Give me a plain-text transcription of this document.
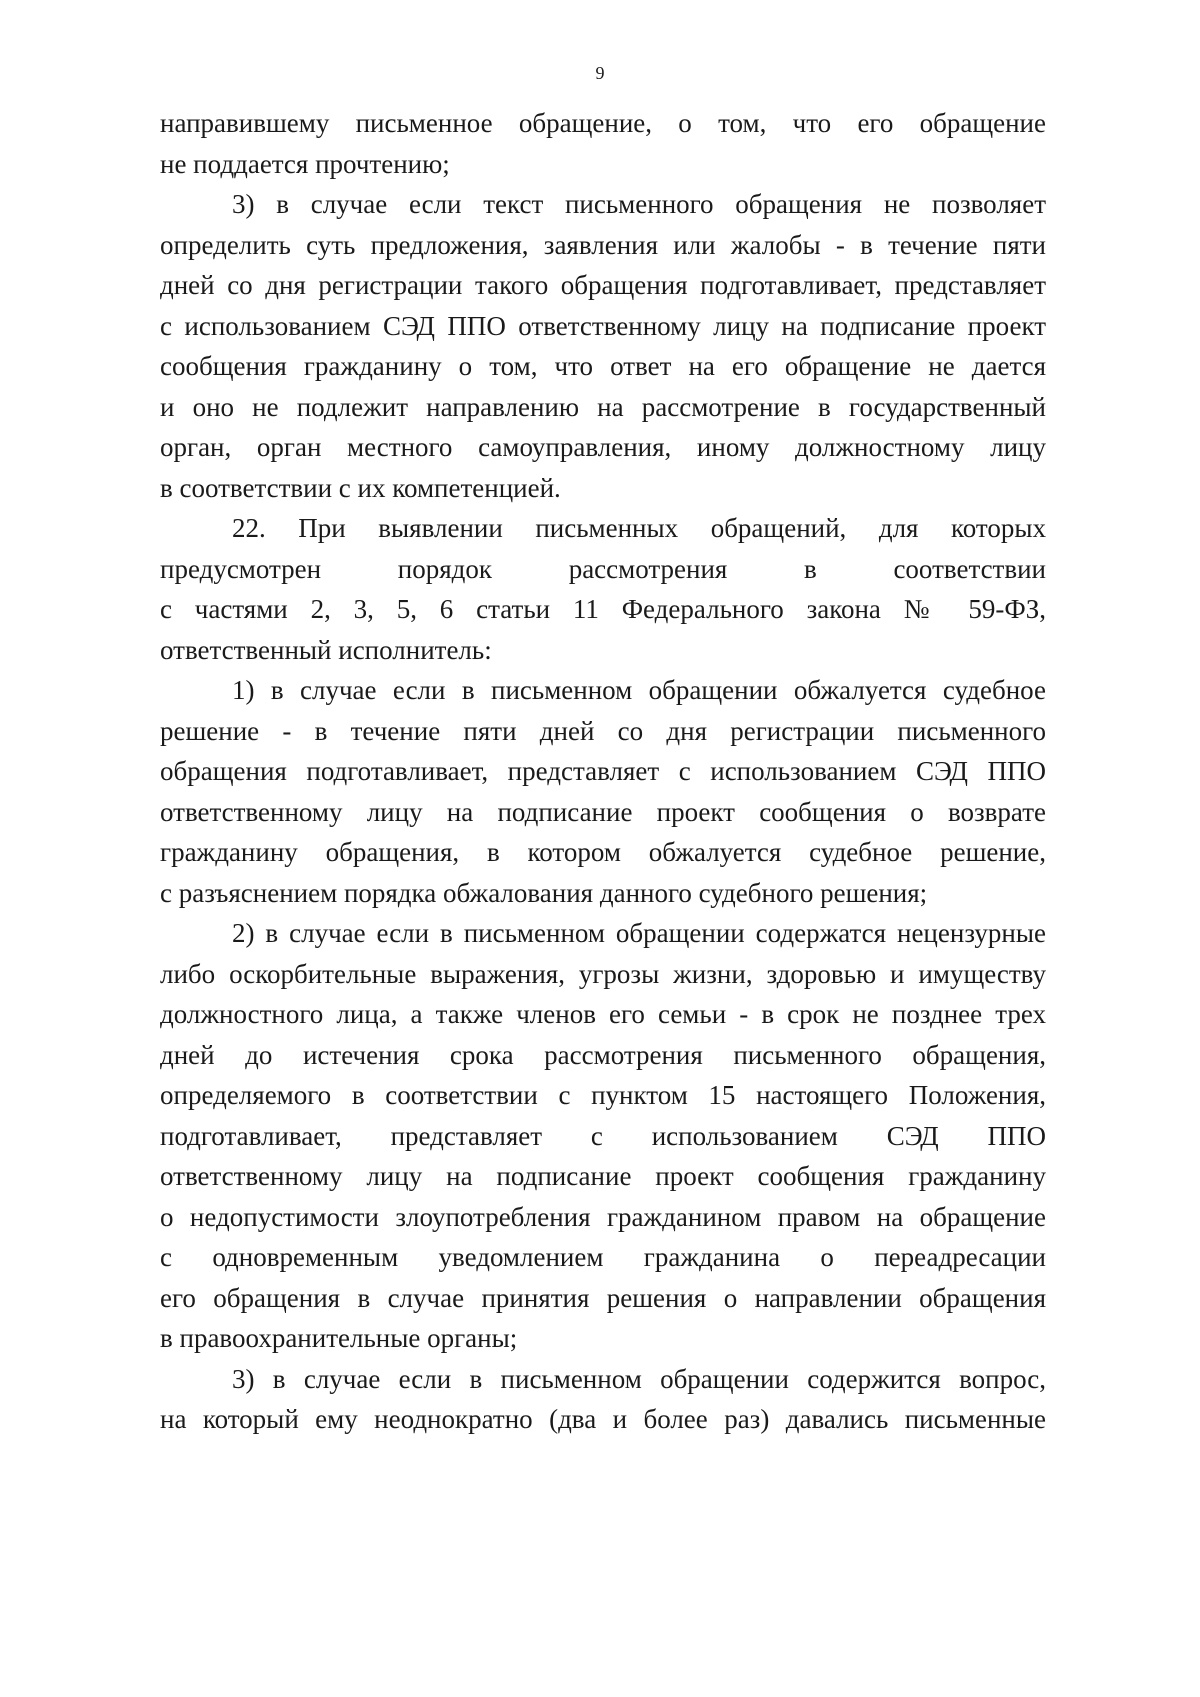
9
направившему письменное обращение, о том, что его обращение
не поддается прочтению;
3) в случае если текст письменного обращения не позволяет
определить суть предложения, заявления или жалобы - в течение пяти
дней со дня регистрации такого обращения подготавливает, представляет
с использованием СЭД ППО ответственному лицу на подписание проект
сообщения гражданину о том, что ответ на его обращение не дается
и оно не подлежит направлению на рассмотрение в государственный
орган, орган местного самоуправления, иному должностному лицу
в соответствии с их компетенцией.
22. При выявлении письменных обращений, для которых
предусмотрен порядок рассмотрения в соответствии
с частями 2, 3, 5, 6 статьи 11 Федерального закона № 59-ФЗ,
ответственный исполнитель:
1) в случае если в письменном обращении обжалуется судебное
решение - в течение пяти дней со дня регистрации письменного
обращения подготавливает, представляет с использованием СЭД ППО
ответственному лицу на подписание проект сообщения о возврате
гражданину обращения, в котором обжалуется судебное решение,
с разъяснением порядка обжалования данного судебного решения;
2) в случае если в письменном обращении содержатся нецензурные
либо оскорбительные выражения, угрозы жизни, здоровью и имуществу
должностного лица, а также членов его семьи - в срок не позднее трех
дней до истечения срока рассмотрения письменного обращения,
определяемого в соответствии с пунктом 15 настоящего Положения,
подготавливает, представляет с использованием СЭД ППО
ответственному лицу на подписание проект сообщения гражданину
о недопустимости злоупотребления гражданином правом на обращение
с одновременным уведомлением гражданина о переадресации
его обращения в случае принятия решения о направлении обращения
в правоохранительные органы;
3) в случае если в письменном обращении содержится вопрос,
на который ему неоднократно (два и более раз) давались письменные
